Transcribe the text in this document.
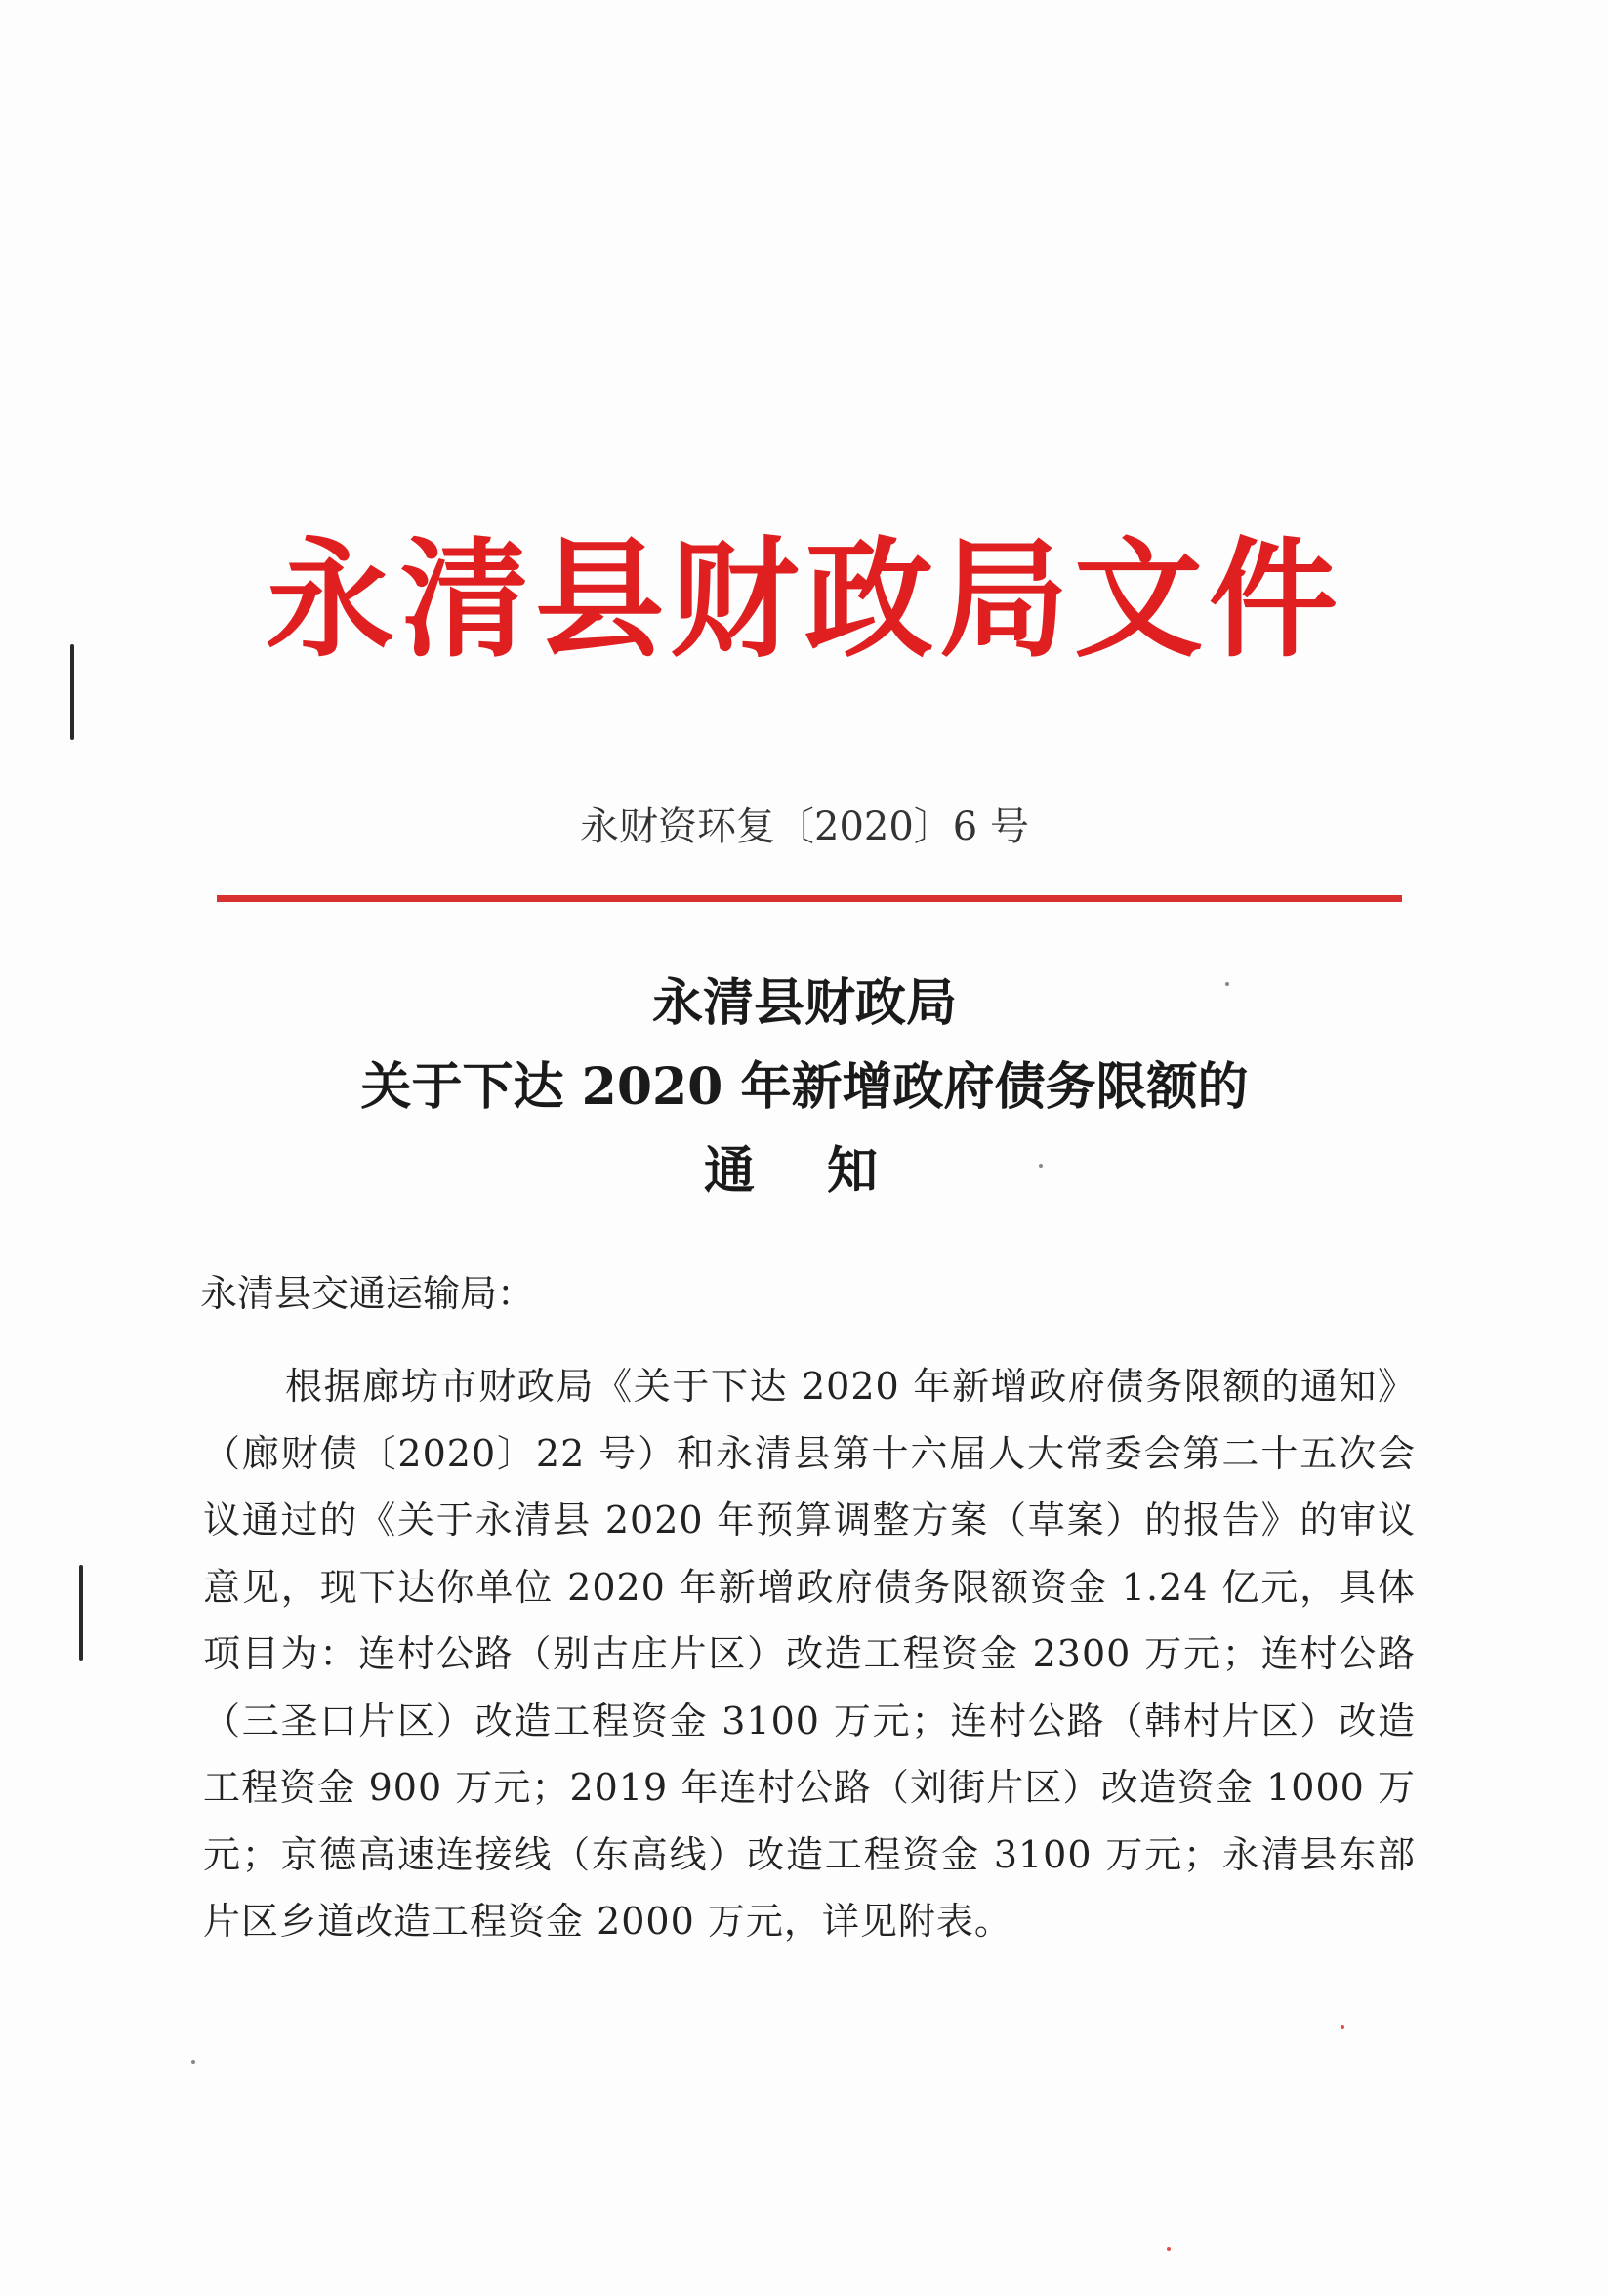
永清县财政局文件
永财资环复〔2020〕6 号
永清县财政局
关于下达 2020 年新增政府债务限额的
通 知
永清县交通运输局：

根据廊坊市财政局《关于下达 2020 年新增政府债务限额的通知》（廊财债〔2020〕22 号）和永清县第十六届人大常委会第二十五次会议通过的《关于永清县 2020 年预算调整方案（草案）的报告》的审议意见，现下达你单位 2020 年新增政府债务限额资金 1.24 亿元，具体项目为：连村公路（别古庄片区）改造工程资金 2300 万元；连村公路（三圣口片区）改造工程资金 3100 万元；连村公路（韩村片区）改造工程资金 900 万元；2019 年连村公路（刘街片区）改造资金 1000 万元；京德高速连接线（东高线）改造工程资金 3100 万元；永清县东部片区乡道改造工程资金 2000 万元，详见附表。
